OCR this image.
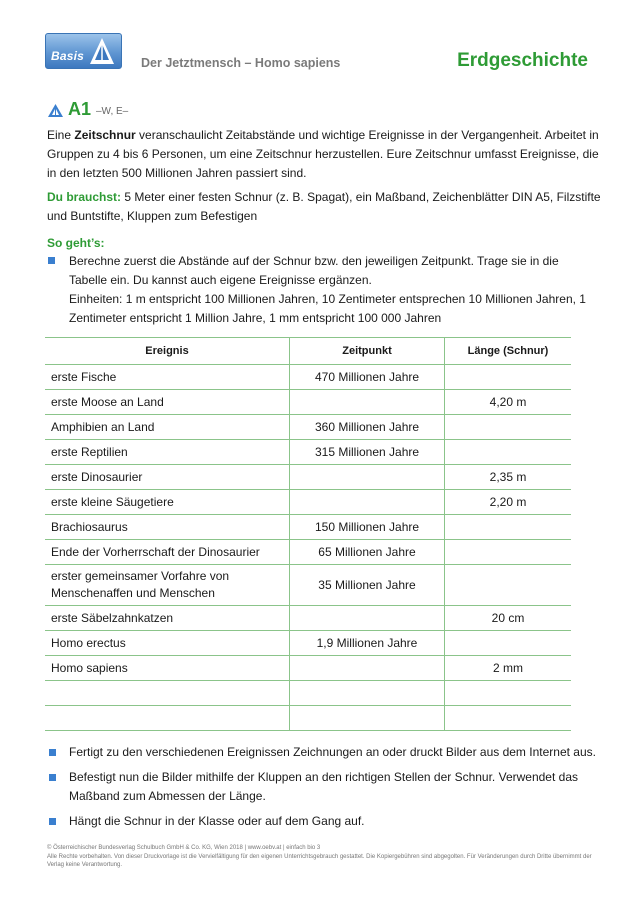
Basis	Der Jetztmensch – Homo sapiens	Erdgeschichte
A1 –W, E–
Eine Zeitschnur veranschaulicht Zeitabstände und wichtige Ereignisse in der Vergangenheit. Arbeitet in Gruppen zu 4 bis 6 Personen, um eine Zeitschnur herzustellen. Eure Zeitschnur umfasst Ereignisse, die in den letzten 500 Millionen Jahren passiert sind.
Du brauchst: 5 Meter einer festen Schnur (z. B. Spagat), ein Maßband, Zeichenblätter DIN A5, Filzstifte und Buntstifte, Kluppen zum Befestigen
So geht’s:
Berechne zuerst die Abstände auf der Schnur bzw. den jeweiligen Zeitpunkt. Trage sie in die Tabelle ein. Du kannst auch eigene Ereignisse ergänzen.
Einheiten: 1 m entspricht 100 Millionen Jahren, 10 Zentimeter entsprechen 10 Millionen Jahren, 1 Zentimeter entspricht 1 Million Jahre, 1 mm entspricht 100 000 Jahren
Ereignis	Zeitpunkt	Länge (Schnur)
erste Fische	470 Millionen Jahre	
erste Moose an Land		4,20 m
Amphibien an Land	360 Millionen Jahre	
erste Reptilien	315 Millionen Jahre	
erste Dinosaurier		2,35 m
erste kleine Säugetiere		2,20 m
Brachiosaurus	150 Millionen Jahre	
Ende der Vorherrschaft der Dinosaurier	65 Millionen Jahre	
erster gemeinsamer Vorfahre von Menschenaffen und Menschen	35 Millionen Jahre	
erste Säbelzahnkatzen		20 cm
Homo erectus	1,9 Millionen Jahre	
Homo sapiens		2 mm

Fertigt zu den verschiedenen Ereignissen Zeichnungen an oder druckt Bilder aus dem Internet aus.
Befestigt nun die Bilder mithilfe der Kluppen an den richtigen Stellen der Schnur. Verwendet das Maßband zum Abmessen der Länge.
Hängt die Schnur in der Klasse oder auf dem Gang auf.
© Österreichischer Bundesverlag Schulbuch GmbH & Co. KG, Wien 2018 | www.oebv.at | einfach bio 3
Alle Rechte vorbehalten. Von dieser Druckvorlage ist die Vervielfältigung für den eigenen Unterrichtsgebrauch gestattet. Die Kopiergebühren sind abgegolten. Für Veränderungen durch Dritte übernimmt der Verlag keine Verantwortung.
